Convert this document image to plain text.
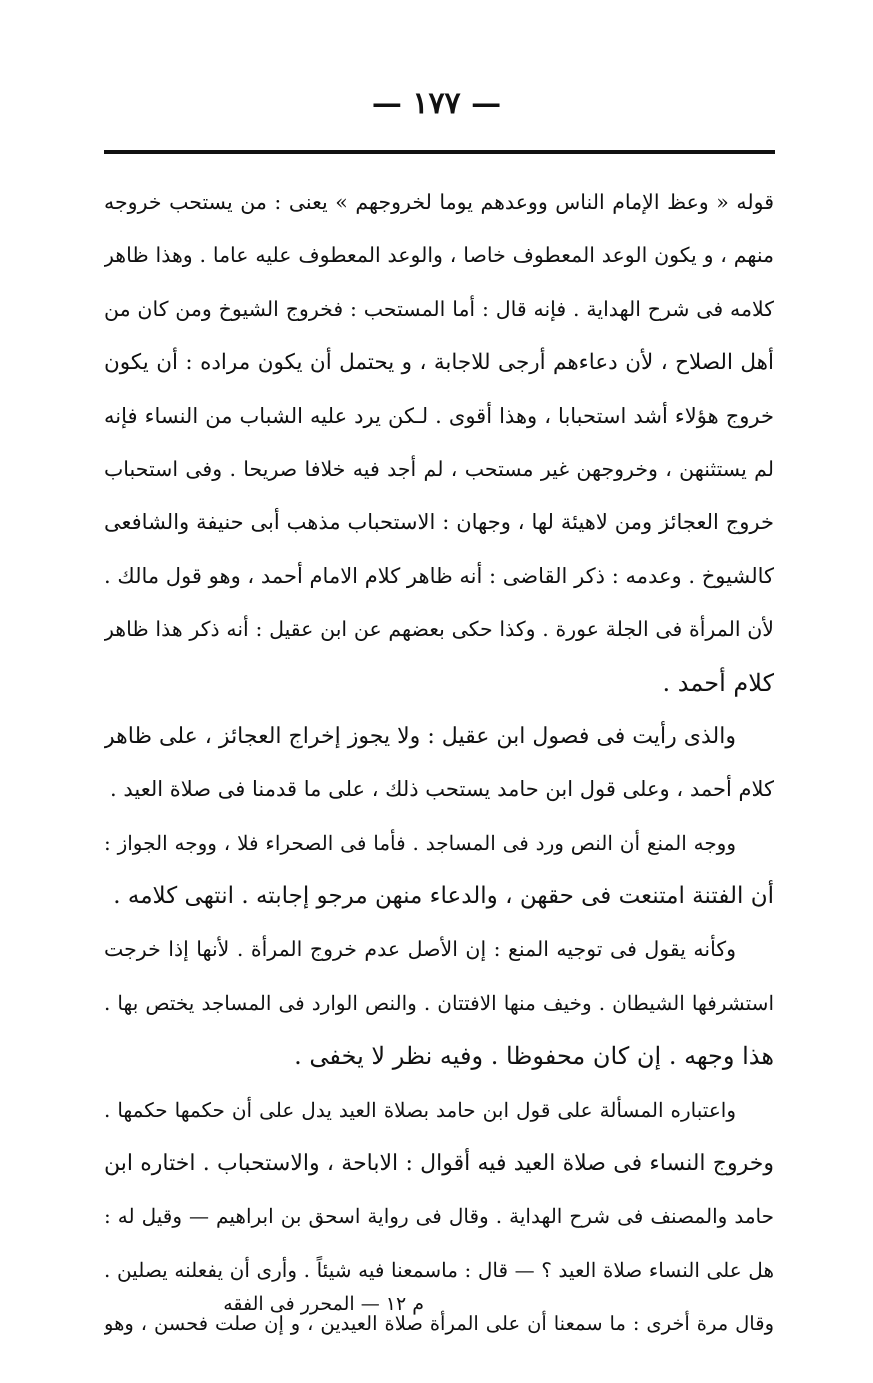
— ١٧٧ —
قوله « وعظ الإمام الناس ووعدهم يوما لخروجهم » يعنى : من يستحب خروجه
منهم ، و يكون الوعد المعطوف خاصا ، والوعد المعطوف عليه عاما . وهذا ظاهر
كلامه فى شرح الهداية . فإنه قال : أما المستحب : فخروج الشيوخ ومن كان من
أهل الصلاح ، لأن دعاءهم أرجى للاجابة ، و يحتمل أن يكون مراده : أن يكون
خروج هؤلاء أشد استحبابا ، وهذا أقوى . لـكن يرد عليه الشباب من النساء فإنه
لم يستثنهن ، وخروجهن غير مستحب ، لم أجد فيه خلافا صريحا . وفى استحباب
خروج العجائز ومن لاهيئة لها ، وجهان : الاستحباب مذهب أبى حنيفة والشافعى
كالشيوخ . وعدمه : ذكر القاضى : أنه ظاهر كلام الامام أحمد ، وهو قول مالك .
لأن المرأة فى الجلة عورة . وكذا حكى بعضهم عن ابن عقيل : أنه ذكر هذا ظاهر
كلام أحمد .
والذى رأيت فى فصول ابن عقيل : ولا يجوز إخراج العجائز ، على ظاهر
كلام أحمد ، وعلى قول ابن حامد يستحب ذلك ، على ما قدمنا فى صلاة العيد .
ووجه المنع أن النص ورد فى المساجد . فأما فى الصحراء فلا ، ووجه الجواز :
أن الفتنة امتنعت فى حقهن ، والدعاء منهن مرجو إجابته . انتهى كلامه .
وكأنه يقول فى توجيه المنع : إن الأصل عدم خروج المرأة . لأنها إذا خرجت
استشرفها الشيطان . وخيف منها الافتتان . والنص الوارد فى المساجد يختص بها .
هذا وجهه . إن كان محفوظا . وفيه نظر لا يخفى .
واعتباره المسألة على قول ابن حامد بصلاة العيد يدل على أن حكمها حكمها .
وخروج النساء فى صلاة العيد فيه أقوال : الاباحة ، والاستحباب . اختاره ابن
حامد والمصنف فى شرح الهداية . وقال فى رواية اسحق بن ابراهيم — وقيل له :
هل على النساء صلاة العيد ؟ — قال : ماسمعنا فيه شيئاً . وأرى أن يفعلنه يصلين .
وقال مرة أخرى : ما سمعنا أن على المرأة صلاة العيدين ، و إن صلت فحسن ، وهو
م ١٢ — المحرر فى الفقه
